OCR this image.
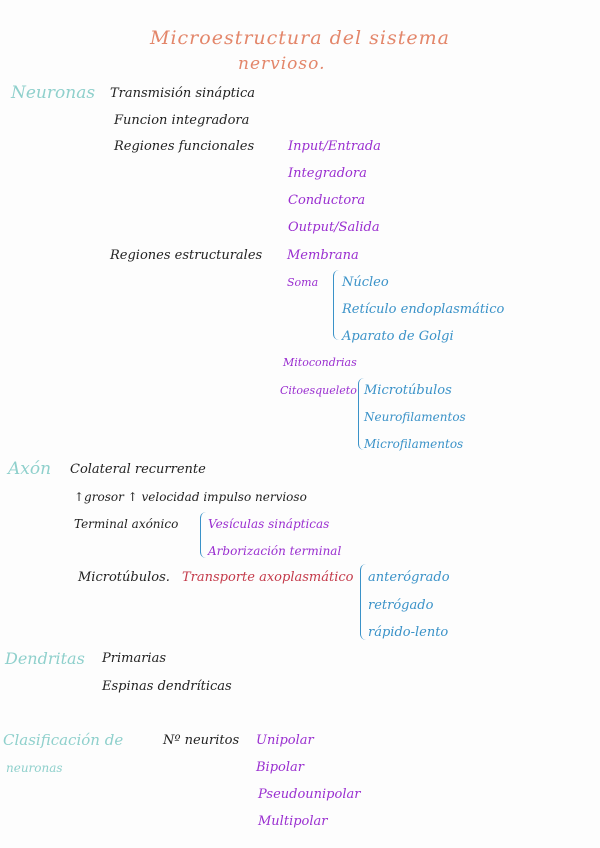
Microestructura del sistema
nervioso.
Neuronas Transmisión sináptica
Funcion integradora
Regiones funcionales	Input/Entrada
Integradora
Conductora
Output/Salida
Regiones estructurales Membrana
Soma Núcleo
Retículo endoplasmático
Aparato de Golgi
Mitocondrias
Citoesqueleto Microtúbulos
Neurofilamentos
Microfilamentos
Axón Colateral recurrente
↑grosor ↑ velocidad impulso nervioso
Terminal axónico Vesículas sinápticas
Arborización terminal
Microtúbulos. Transporte axoplasmático anterógrado
retrógado
rápido-lento
Dendritas Primarias
Espinas dendríticas
Clasificación de
neuronas
Nº neuritos Unipolar
Bipolar
Pseudounipolar
Multipolar
